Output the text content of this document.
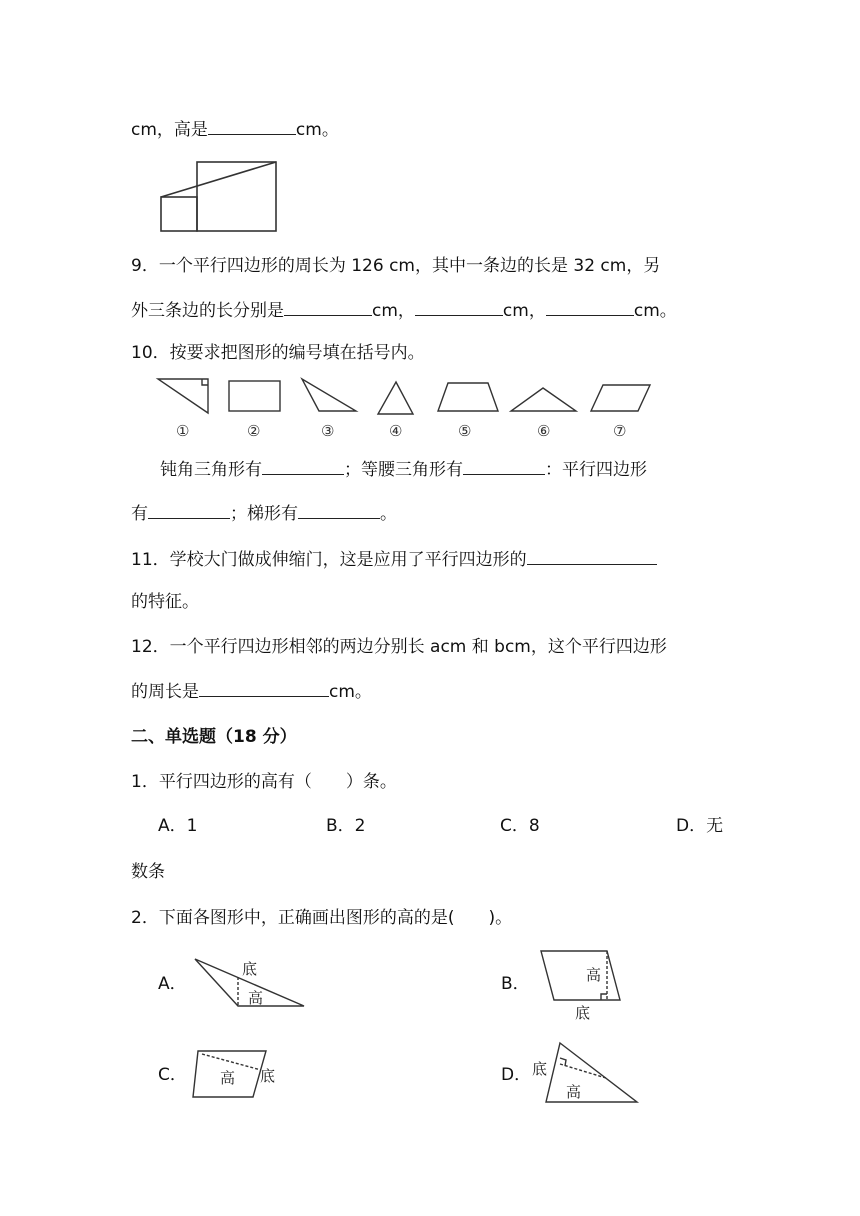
cm，高是	cm。
9．一个平行四边形的周长为 126 cm，其中一条边的长是 32 cm，另
外三条边的长分别是	cm，	cm，	cm。
10．按要求把图形的编号填在括号内。
①	②	③	④	⑤	⑥	⑦
钝角三角形有	；等腰三角形有	：平行四边形
有	；梯形有	。
11．学校大门做成伸缩门，这是应用了平行四边形的
的特征。
12．一个平行四边形相邻的两边分别长 acm 和 bcm，这个平行四边形
的周长是	cm。
二、单选题（18 分）
1．平行四边形的高有（　　）条。
A．1	B．2	C．8	D．无
数条
2．下面各图形中，正确画出图形的高的是(　　)。
A．
底
高
B．	高
底
C． 高 底	D． 底
高
